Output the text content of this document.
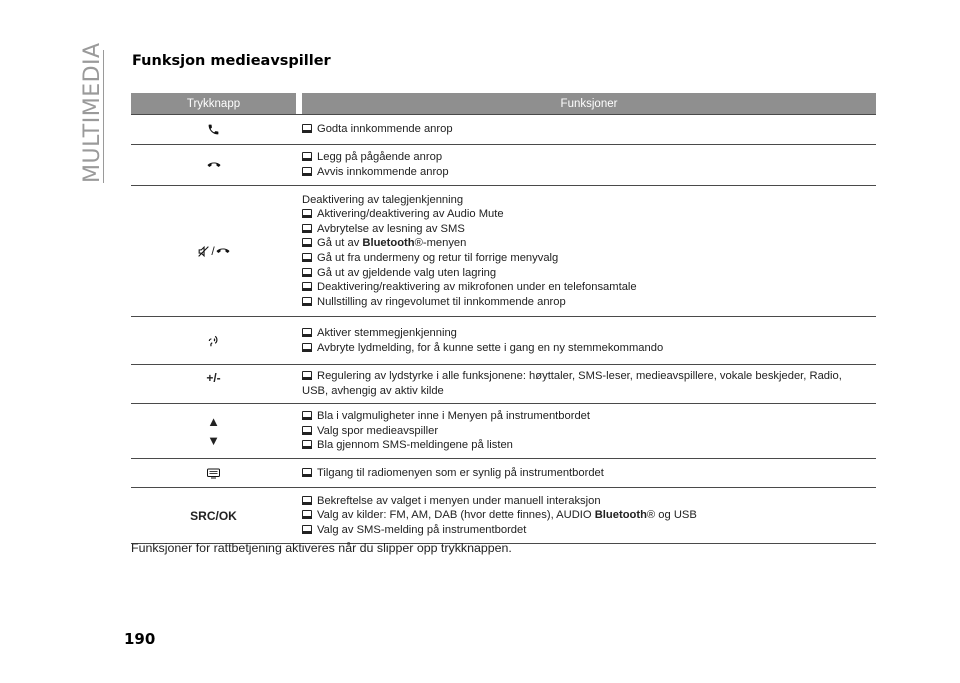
MULTIMEDIA Funksjon medieavspiller
Trykknapp	Funksjoner
Godta innkommende anrop
Legg på pågående anrop
Avvis innkommende anrop
/
Deaktivering av talegjenkjenning
Aktivering/deaktivering av Audio Mute
Avbrytelse av lesning av SMS
Gå ut av Bluetooth®-menyen
Gå ut fra undermeny og retur til forrige menyvalg
Gå ut av gjeldende valg uten lagring
Deaktivering/reaktivering av mikrofonen under en telefonsamtale
Nullstilling av ringevolumet til innkommende anrop
Aktiver stemmegjenkjenning
Avbryte lydmelding, for å kunne sette i gang en ny stemmekommando
+/-	Regulering av lydstyrke i alle funksjonene: høyttaler, SMS-leser, medieavspillere, vokale beskjeder, Radio,
USB, avhengig av aktiv kilde
▲
▼
Bla i valgmuligheter inne i Menyen på instrumentbordet
Valg spor medieavspiller
Bla gjennom SMS-meldingene på listen
Tilgang til radiomenyen som er synlig på instrumentbordet
SRC/OK
Bekreftelse av valget i menyen under manuell interaksjon
Valg av kilder: FM, AM, DAB (hvor dette finnes), AUDIO Bluetooth® og USB
Valg av SMS-melding på instrumentbordet
Funksjoner for rattbetjening aktiveres når du slipper opp trykknappen.
190
